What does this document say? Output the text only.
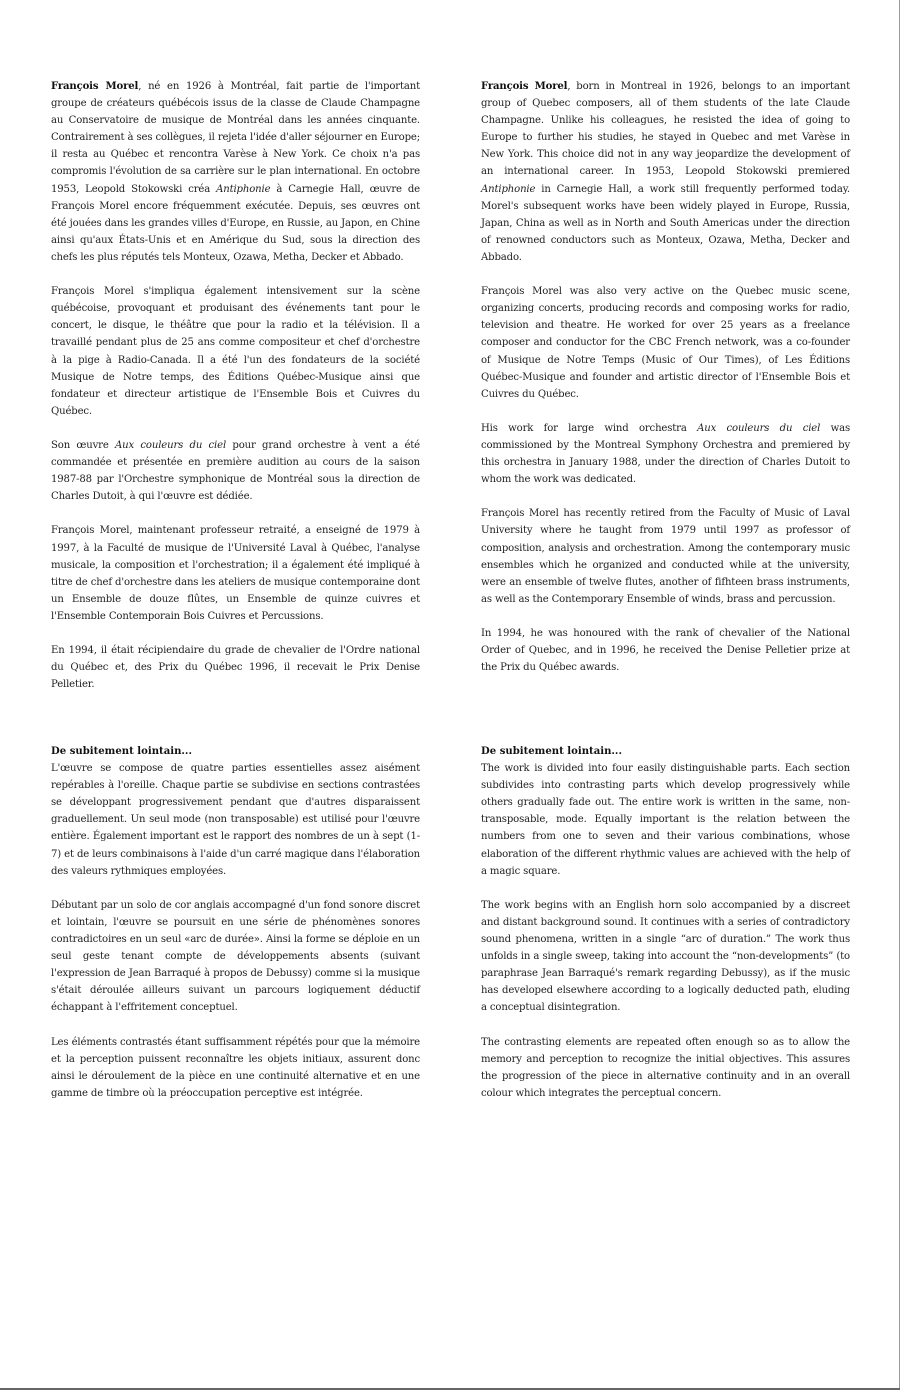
François Morel, né en 1926 à Montréal, fait partie de l'important groupe de créateurs québécois issus de la classe de Claude Champagne au Conservatoire de musique de Montréal dans les années cinquante. Contrairement à ses collègues, il rejeta l'idée d'aller séjourner en Europe; il resta au Québec et rencontra Varèse à New York. Ce choix n'a pas compromis l'évolution de sa carrière sur le plan international. En octobre 1953, Leopold Stokowski créa Antiphonie à Carnegie Hall, œuvre de François Morel encore fréquemment exécutée. Depuis, ses œuvres ont été jouées dans les grandes villes d'Europe, en Russie, au Japon, en Chine ainsi qu'aux États-Unis et en Amérique du Sud, sous la direction des chefs les plus réputés tels Monteux, Ozawa, Metha, Decker et Abbado.

François Morel s'impliqua également intensivement sur la scène québécoise, provoquant et produisant des événements tant pour le concert, le disque, le théâtre que pour la radio et la télévision. Il a travaillé pendant plus de 25 ans comme compositeur et chef d'orchestre à la pige à Radio-Canada. Il a été l'un des fondateurs de la société Musique de Notre temps, des Éditions Québec-Musique ainsi que fondateur et directeur artistique de l'Ensemble Bois et Cuivres du Québec.

Son œuvre Aux couleurs du ciel pour grand orchestre à vent a été commandée et présentée en première audition au cours de la saison 1987-88 par l'Orchestre symphonique de Montréal sous la direction de Charles Dutoit, à qui l'œuvre est dédiée.

François Morel, maintenant professeur retraité, a enseigné de 1979 à 1997, à la Faculté de musique de l'Université Laval à Québec, l'analyse musicale, la composition et l'orchestration; il a également été impliqué à titre de chef d'orchestre dans les ateliers de musique contemporaine dont un Ensemble de douze flûtes, un Ensemble de quinze cuivres et l'Ensemble Contemporain Bois Cuivres et Percussions.

En 1994, il était récipiendaire du grade de chevalier de l'Ordre national du Québec et, des Prix du Québec 1996, il recevait le Prix Denise Pelletier.

François Morel, born in Montreal in 1926, belongs to an important group of Quebec composers, all of them students of the late Claude Champagne. Unlike his colleagues, he resisted the idea of going to Europe to further his studies, he stayed in Quebec and met Varèse in New York. This choice did not in any way jeopardize the development of an international career. In 1953, Leopold Stokowski premiered Antiphonie in Carnegie Hall, a work still frequently performed today. Morel's subsequent works have been widely played in Europe, Russia, Japan, China as well as in North and South Americas under the direction of renowned conductors such as Monteux, Ozawa, Metha, Decker and Abbado.

François Morel was also very active on the Quebec music scene, organizing concerts, producing records and composing works for radio, television and theatre. He worked for over 25 years as a freelance composer and conductor for the CBC French network, was a co-founder of Musique de Notre Temps (Music of Our Times), of Les Éditions Québec-Musique and founder and artistic director of l'Ensemble Bois et Cuivres du Québec.

His work for large wind orchestra Aux couleurs du ciel was commissioned by the Montreal Symphony Orchestra and premiered by this orchestra in January 1988, under the direction of Charles Dutoit to whom the work was dedicated.

François Morel has recently retired from the Faculty of Music of Laval University where he taught from 1979 until 1997 as professor of composition, analysis and orchestration. Among the contemporary music ensembles which he organized and conducted while at the university, were an ensemble of twelve flutes, another of fifhteen brass instruments, as well as the Contemporary Ensemble of winds, brass and percussion.

In 1994, he was honoured with the rank of chevalier of the National Order of Quebec, and in 1996, he received the Denise Pelletier prize at the Prix du Québec awards.

De subitement lointain...

L'œuvre se compose de quatre parties essentielles assez aisément repérables à l'oreille. Chaque partie se subdivise en sections contrastées se développant progressivement pendant que d'autres disparaissent graduellement. Un seul mode (non transposable) est utilisé pour l'œuvre entière. Également important est le rapport des nombres de un à sept (1-7) et de leurs combinaisons à l'aide d'un carré magique dans l'élaboration des valeurs rythmiques employées.

Débutant par un solo de cor anglais accompagné d'un fond sonore discret et lointain, l'œuvre se poursuit en une série de phénomènes sonores contradictoires en un seul «arc de durée». Ainsi la forme se déploie en un seul geste tenant compte de développements absents (suivant l'expression de Jean Barraqué à propos de Debussy) comme si la musique s'était déroulée ailleurs suivant un parcours logiquement déductif échappant à l'effritement conceptuel.

Les éléments contrastés étant suffisamment répétés pour que la mémoire et la perception puissent reconnaître les objets initiaux, assurent donc ainsi le déroulement de la pièce en une continuité alternative et en une gamme de timbre où la préoccupation perceptive est intégrée.

De subitement lointain...

The work is divided into four easily distinguishable parts. Each section subdivides into contrasting parts which develop progressively while others gradually fade out. The entire work is written in the same, non-transposable, mode. Equally important is the relation between the numbers from one to seven and their various combinations, whose elaboration of the different rhythmic values are achieved with the help of a magic square.

The work begins with an English horn solo accompanied by a discreet and distant background sound. It continues with a series of contradictory sound phenomena, written in a single “arc of duration.” The work thus unfolds in a single sweep, taking into account the “non-developments” (to paraphrase Jean Barraqué's remark regarding Debussy), as if the music has developed elsewhere according to a logically deducted path, eluding a conceptual disintegration.

The contrasting elements are repeated often enough so as to allow the memory and perception to recognize the initial objectives. This assures the progression of the piece in alternative continuity and in an overall colour which integrates the perceptual concern.
